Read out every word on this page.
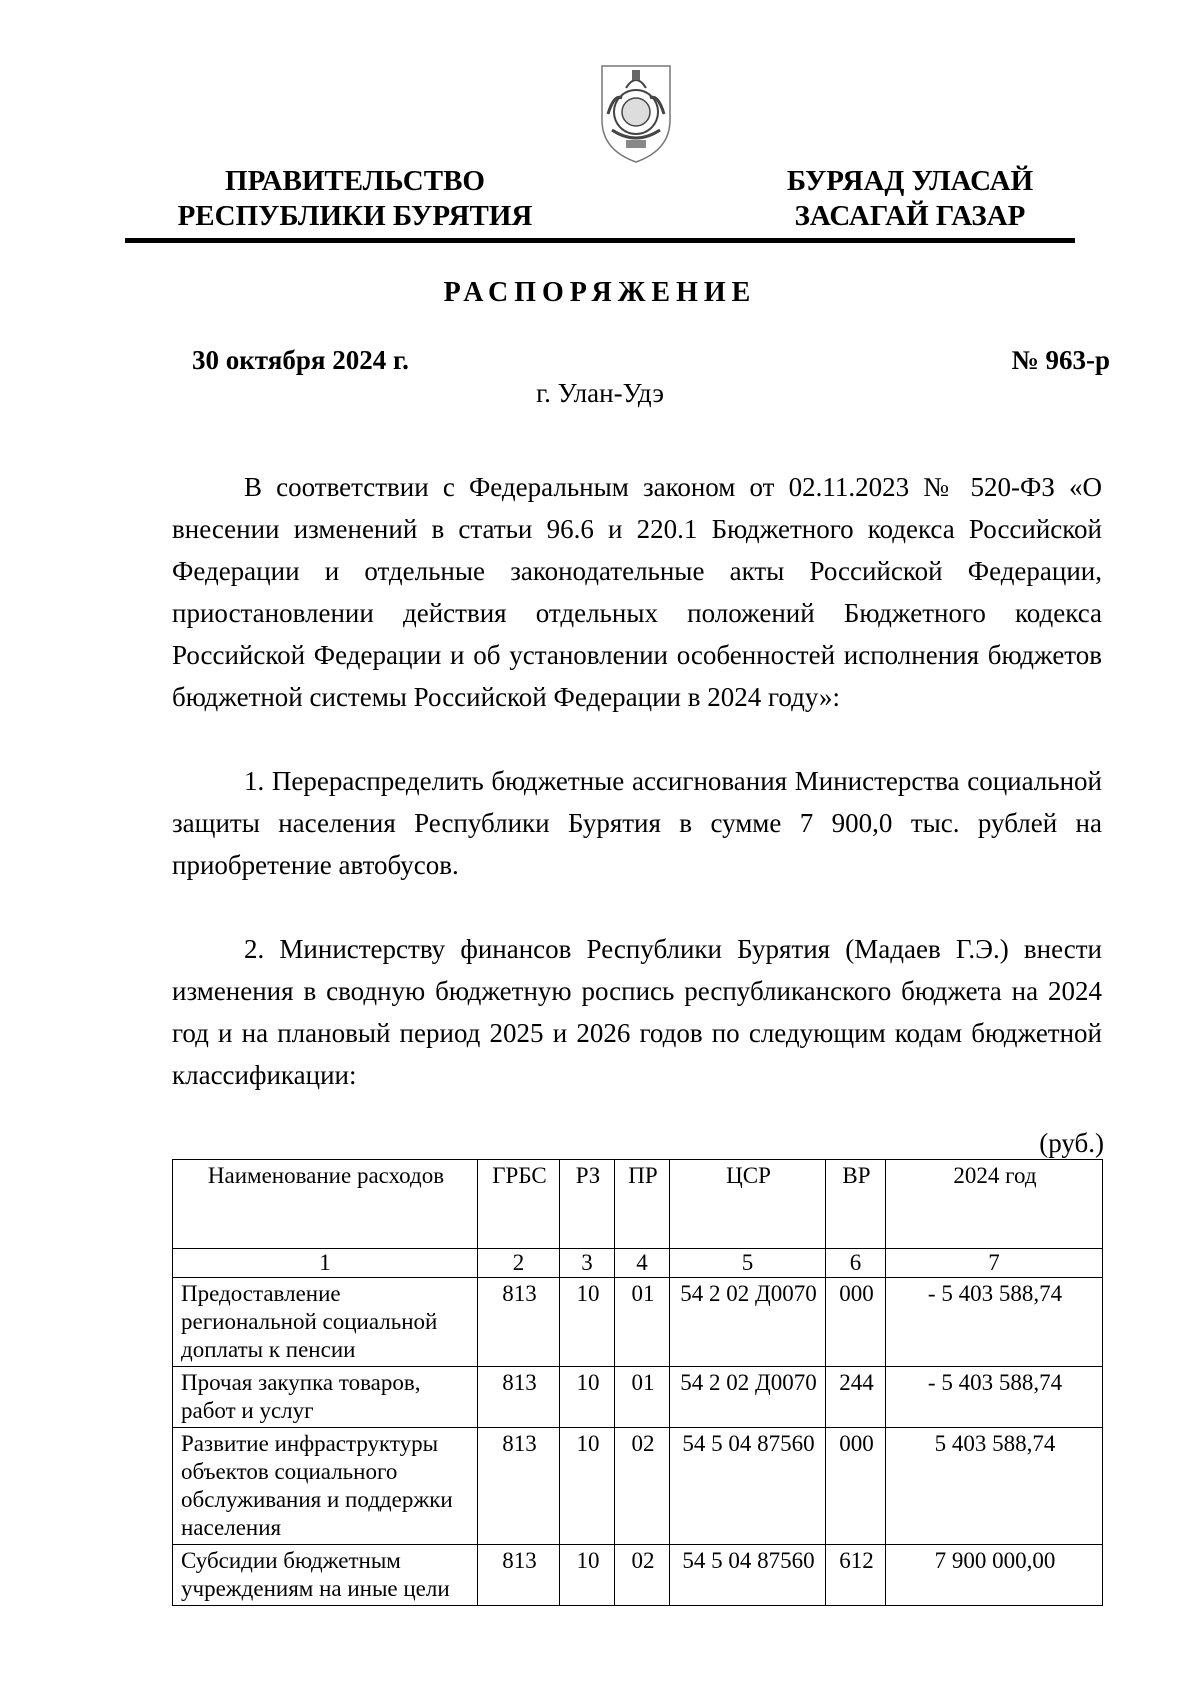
ПРАВИТЕЛЬСТВО
РЕСПУБЛИКИ БУРЯТИЯ
БУРЯАД УЛАСАЙ
ЗАСАГАЙ ГАЗАР
РАСПОРЯЖЕНИЕ
30 октября 2024 г.	№ 963-р
г. Улан-Удэ
В соответствии с Федеральным законом от 02.11.2023 № 520-ФЗ «О внесении изменений в статьи 96.6 и 220.1 Бюджетного кодекса Российской Федерации и отдельные законодательные акты Российской Федерации, приостановлении действия отдельных положений Бюджетного кодекса Российской Федерации и об установлении особенностей исполнения бюджетов бюджетной системы Российской Федерации в 2024 году»:
1. Перераспределить бюджетные ассигнования Министерства социальной защиты населения Республики Бурятия в сумме 7 900,0 тыс. рублей на приобретение автобусов.
2. Министерству финансов Республики Бурятия (Мадаев Г.Э.) внести изменения в сводную бюджетную роспись республиканского бюджета на 2024 год и на плановый период 2025 и 2026 годов по следующим кодам бюджетной классификации:
(руб.)
Наименование расходов	ГРБС	РЗ	ПР	ЦСР	ВР	2024 год
1	2	3	4	5	6	7
Предоставление региональной социальной доплаты к пенсии	813	10	01	54 2 02 Д0070	000	- 5 403 588,74
Прочая закупка товаров, работ и услуг	813	10	01	54 2 02 Д0070	244	- 5 403 588,74
Развитие инфраструктуры объектов социального обслуживания и поддержки населения	813	10	02	54 5 04 87560	000	5 403 588,74
Субсидии бюджетным учреждениям на иные цели	813	10	02	54 5 04 87560	612	7 900 000,00
